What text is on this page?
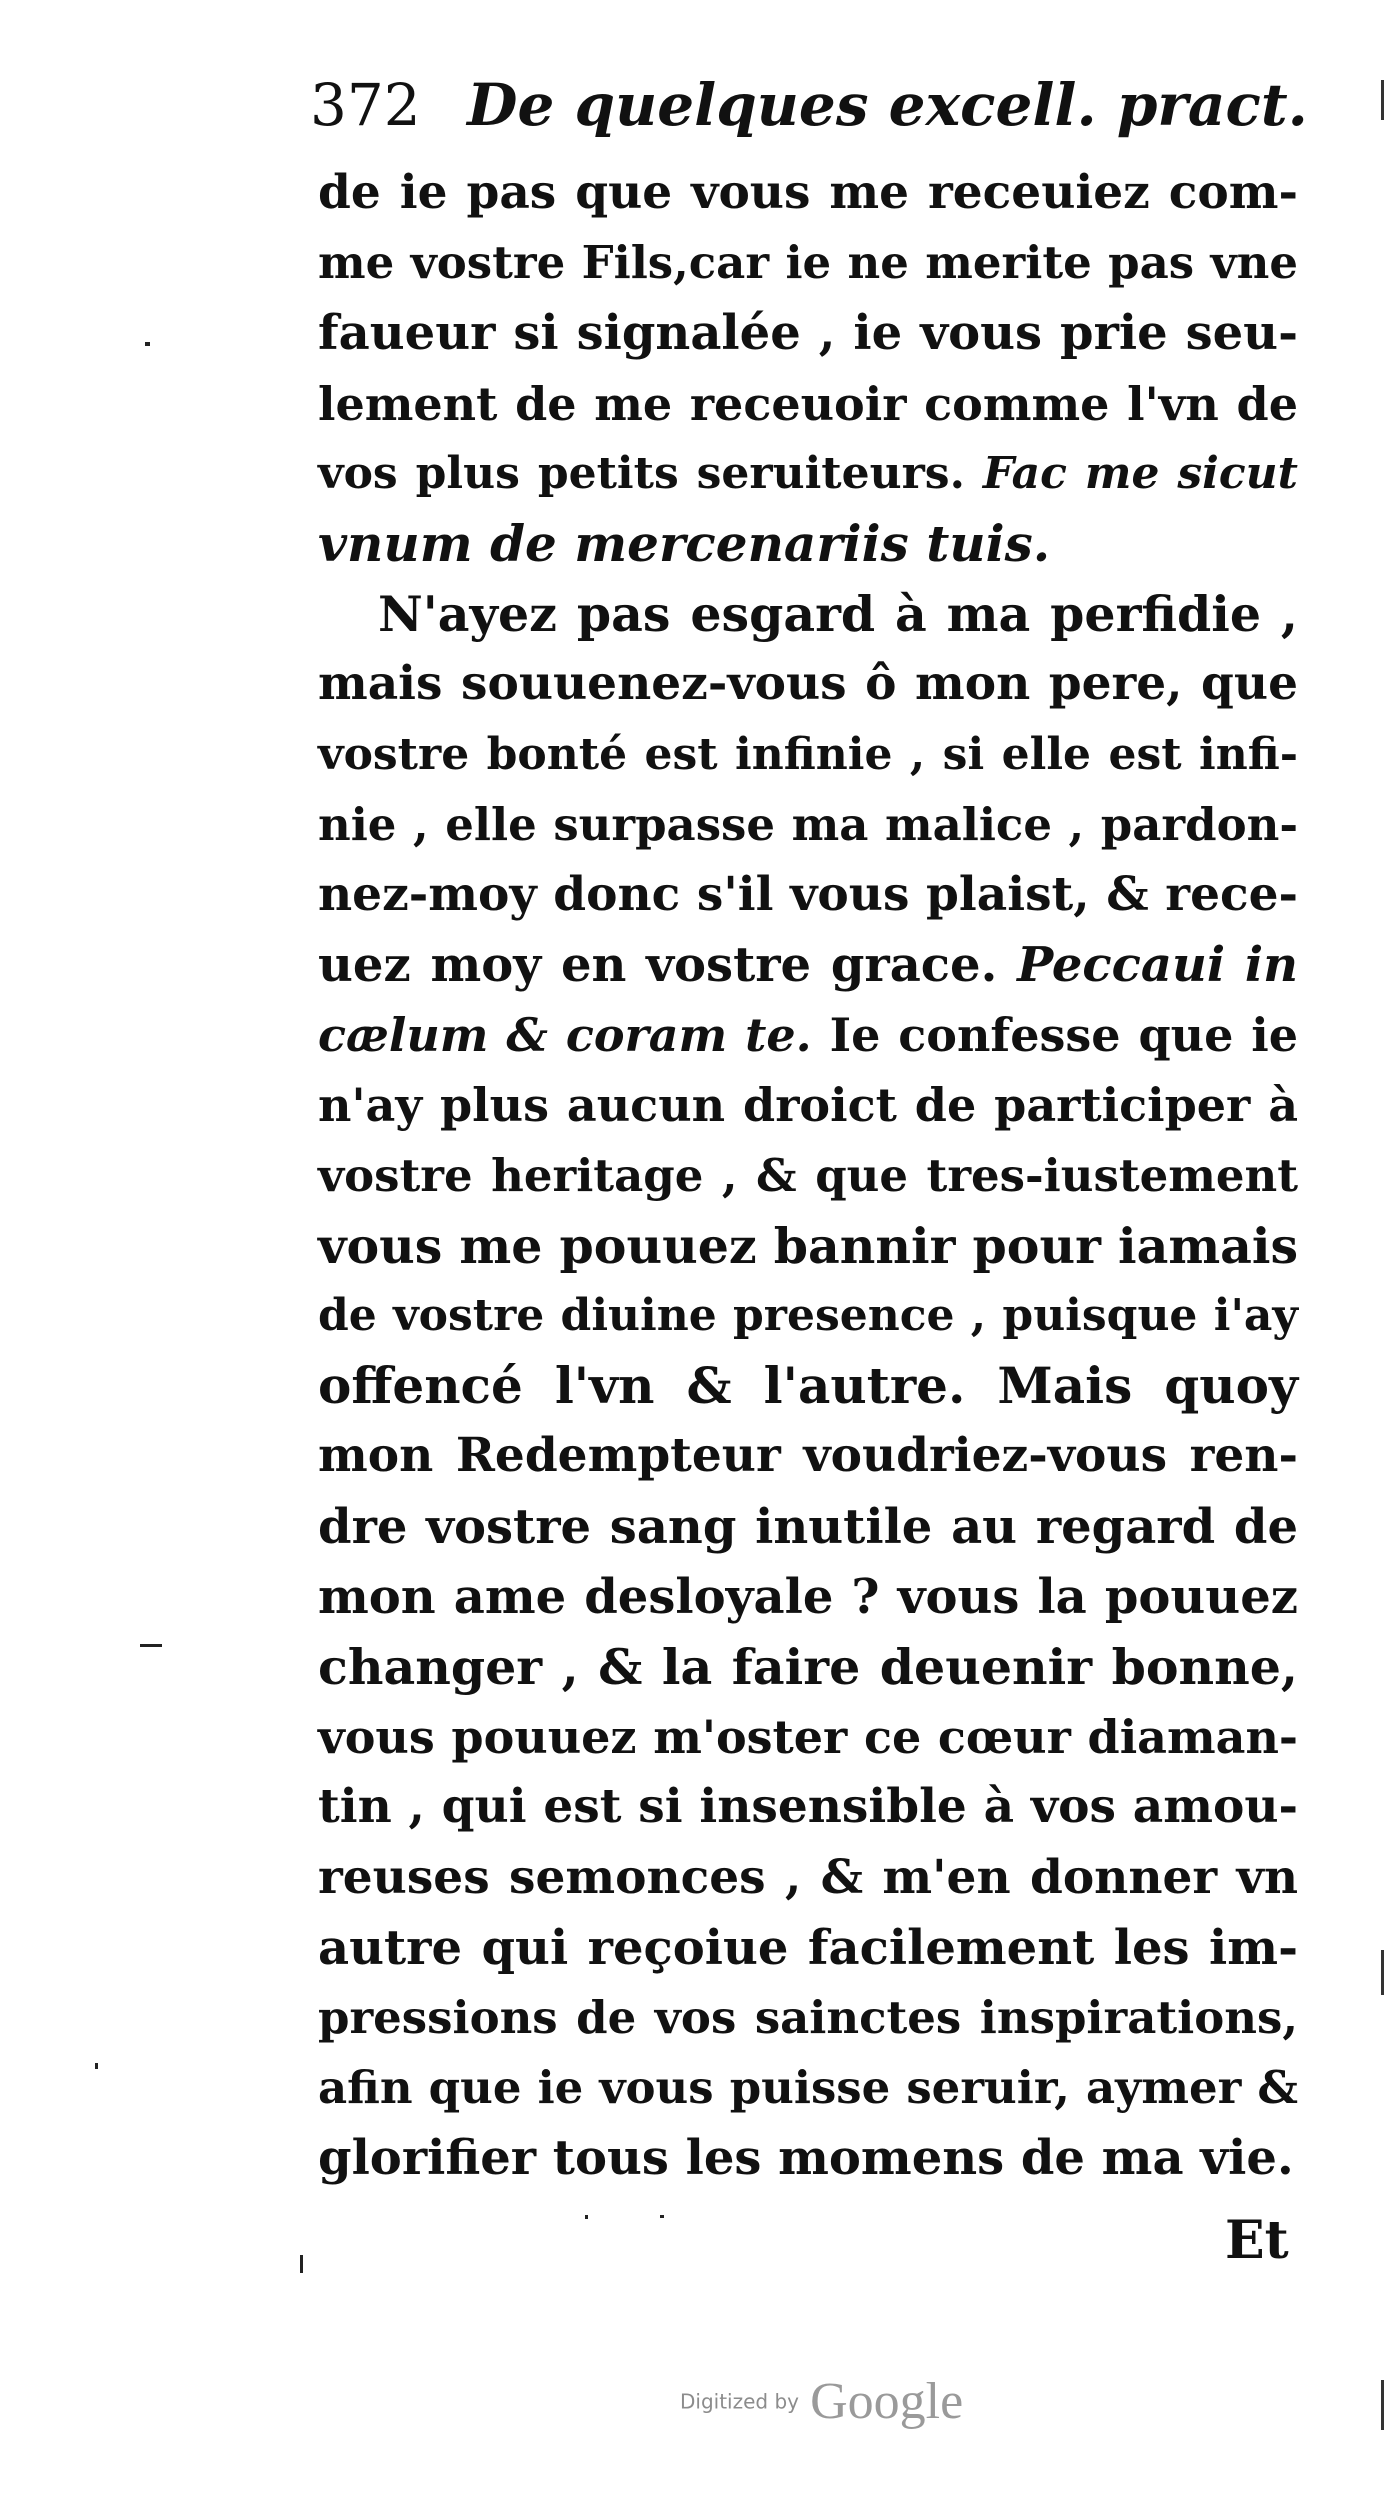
372 De quelques excell. pract.
de ie pas que vous me receuiez com-
me vostre Fils,car ie ne merite pas vne
faueur si signalée , ie vous prie seu-
lement de me receuoir comme l'vn de
vos plus petits seruiteurs. Fac me sicut
vnum de mercenariis tuis.
N'ayez pas esgard à ma perfidie ,
mais souuenez-vous ô mon pere, que
vostre bonté est infinie , si elle est infi-
nie , elle surpasse ma malice , pardon-
nez-moy donc s'il vous plaist, & rece-
uez moy en vostre grace. Peccaui in
cælum & coram te. Ie confesse que ie
n'ay plus aucun droict de participer à
vostre heritage , & que tres-iustement
vous me pouuez bannir pour iamais
de vostre diuine presence , puisque i'ay
offencé l'vn & l'autre. Mais quoy
mon Redempteur voudriez-vous ren-
dre vostre sang inutile au regard de
mon ame desloyale ? vous la pouuez
changer , & la faire deuenir bonne,
vous pouuez m'oster ce cœur diaman-
tin , qui est si insensible à vos amou-
reuses semonces , & m'en donner vn
autre qui reçoiue facilement les im-
pressions de vos sainctes inspirations,
afin que ie vous puisse seruir, aymer &
glorifier tous les momens de ma vie.
Et
Digitized by Google
